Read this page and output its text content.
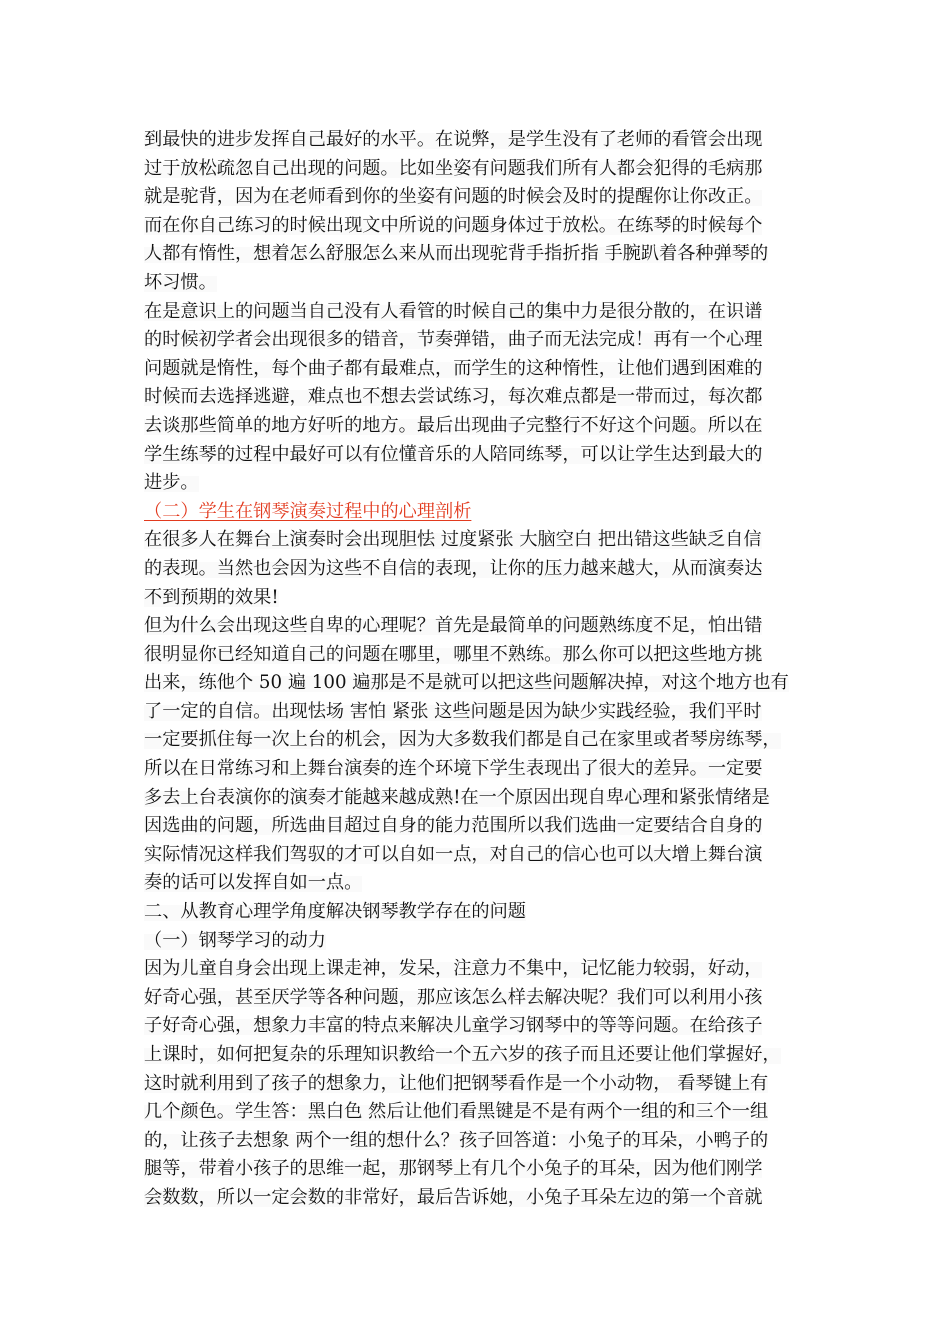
到最快的进步发挥自己最好的水平。在说弊，是学生没有了老师的看管会出现
过于放松疏忽自己出现的问题。比如坐姿有问题我们所有人都会犯得的毛病那
就是驼背，因为在老师看到你的坐姿有问题的时候会及时的提醒你让你改正。
而在你自己练习的时候出现文中所说的问题身体过于放松。在练琴的时候每个
人都有惰性，想着怎么舒服怎么来从而出现驼背手指折指 手腕趴着各种弹琴的
坏习惯。
在是意识上的问题当自己没有人看管的时候自己的集中力是很分散的，在识谱
的时候初学者会出现很多的错音，节奏弹错，曲子而无法完成！再有一个心理
问题就是惰性，每个曲子都有最难点，而学生的这种惰性，让他们遇到困难的
时候而去选择逃避，难点也不想去尝试练习，每次难点都是一带而过，每次都
去谈那些简单的地方好听的地方。最后出现曲子完整行不好这个问题。所以在
学生练琴的过程中最好可以有位懂音乐的人陪同练琴，可以让学生达到最大的
进步。
（二）学生在钢琴演奏过程中的心理剖析
在很多人在舞台上演奏时会出现胆怯 过度紧张 大脑空白 把出错这些缺乏自信
的表现。当然也会因为这些不自信的表现，让你的压力越来越大，从而演奏达
不到预期的效果!
但为什么会出现这些自卑的心理呢？首先是最简单的问题熟练度不足，怕出错
很明显你已经知道自己的问题在哪里，哪里不熟练。那么你可以把这些地方挑
出来，练他个 50 遍 100 遍那是不是就可以把这些问题解决掉，对这个地方也有
了一定的自信。出现怯场 害怕 紧张 这些问题是因为缺少实践经验，我们平时
一定要抓住每一次上台的机会，因为大多数我们都是自己在家里或者琴房练琴，
所以在日常练习和上舞台演奏的连个环境下学生表现出了很大的差异。一定要
多去上台表演你的演奏才能越来越成熟!在一个原因出现自卑心理和紧张情绪是
因选曲的问题，所选曲目超过自身的能力范围所以我们选曲一定要结合自身的
实际情况这样我们驾驭的才可以自如一点，对自己的信心也可以大增上舞台演
奏的话可以发挥自如一点。
二、从教育心理学角度解决钢琴教学存在的问题
（一）钢琴学习的动力
因为儿童自身会出现上课走神，发呆，注意力不集中，记忆能力较弱，好动，
好奇心强，甚至厌学等各种问题，那应该怎么样去解决呢？我们可以利用小孩
子好奇心强，想象力丰富的特点来解决儿童学习钢琴中的等等问题。在给孩子
上课时，如何把复杂的乐理知识教给一个五六岁的孩子而且还要让他们掌握好，
这时就利用到了孩子的想象力，让他们把钢琴看作是一个小动物， 看琴键上有
几个颜色。学生答：黑白色 然后让他们看黑键是不是有两个一组的和三个一组
的，让孩子去想象 两个一组的想什么？孩子回答道：小兔子的耳朵，小鸭子的
腿等，带着小孩子的思维一起，那钢琴上有几个小兔子的耳朵，因为他们刚学
会数数，所以一定会数的非常好，最后告诉她，小兔子耳朵左边的第一个音就
